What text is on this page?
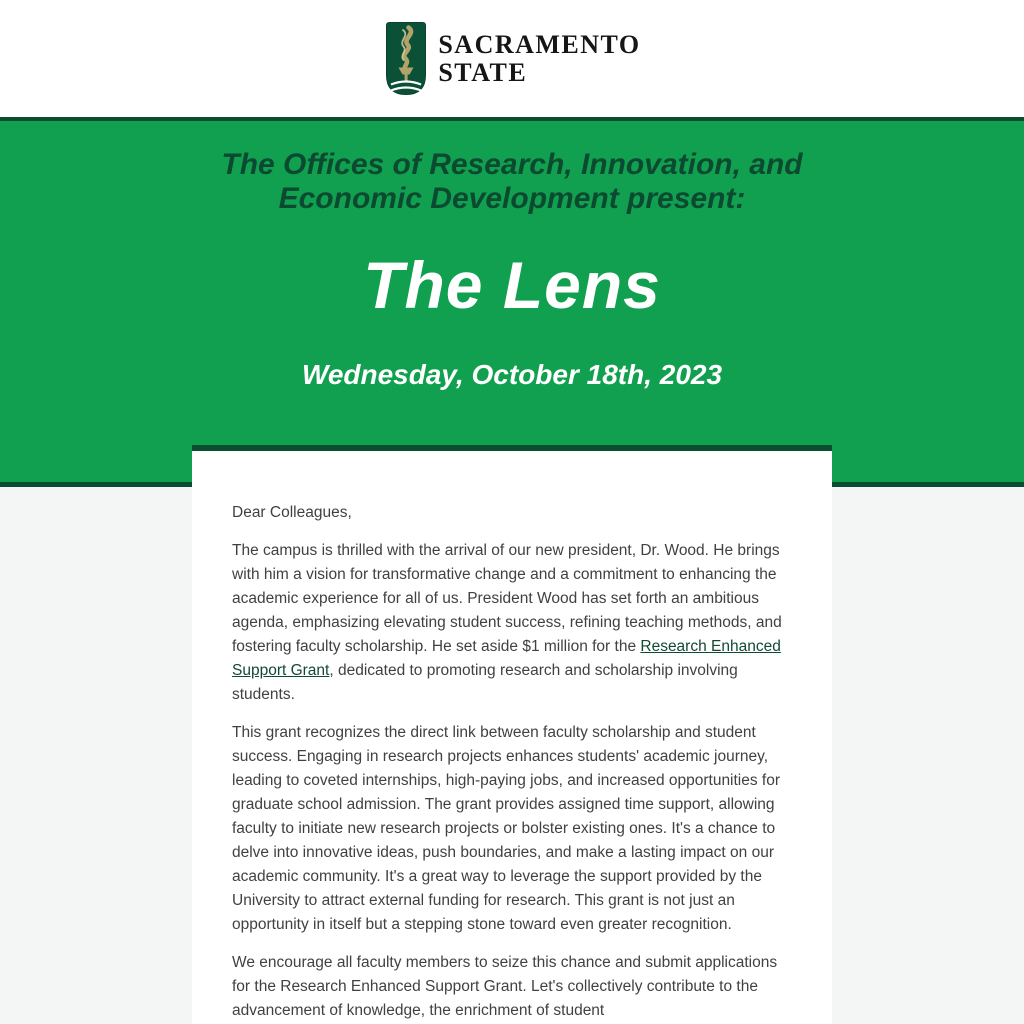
SACRAMENTO
STATE
The Offices of Research, Innovation, and
Economic Development present:
The Lens
Wednesday, October 18th, 2023

Dear Colleagues,

The campus is thrilled with the arrival of our new president, Dr. Wood. He brings with him a vision for transformative change and a commitment to enhancing the academic experience for all of us. President Wood has set forth an ambitious agenda, emphasizing elevating student success, refining teaching methods, and fostering faculty scholarship. He set aside $1 million for the Research Enhanced Support Grant, dedicated to promoting research and scholarship involving students.

This grant recognizes the direct link between faculty scholarship and student success. Engaging in research projects enhances students' academic journey, leading to coveted internships, high-paying jobs, and increased opportunities for graduate school admission. The grant provides assigned time support, allowing faculty to initiate new research projects or bolster existing ones. It's a chance to delve into innovative ideas, push boundaries, and make a lasting impact on our academic community. It's a great way to leverage the support provided by the University to attract external funding for research. This grant is not just an opportunity in itself but a stepping stone toward even greater recognition.

We encourage all faculty members to seize this chance and submit applications for the Research Enhanced Support Grant. Let's collectively contribute to the advancement of knowledge, the enrichment of student
